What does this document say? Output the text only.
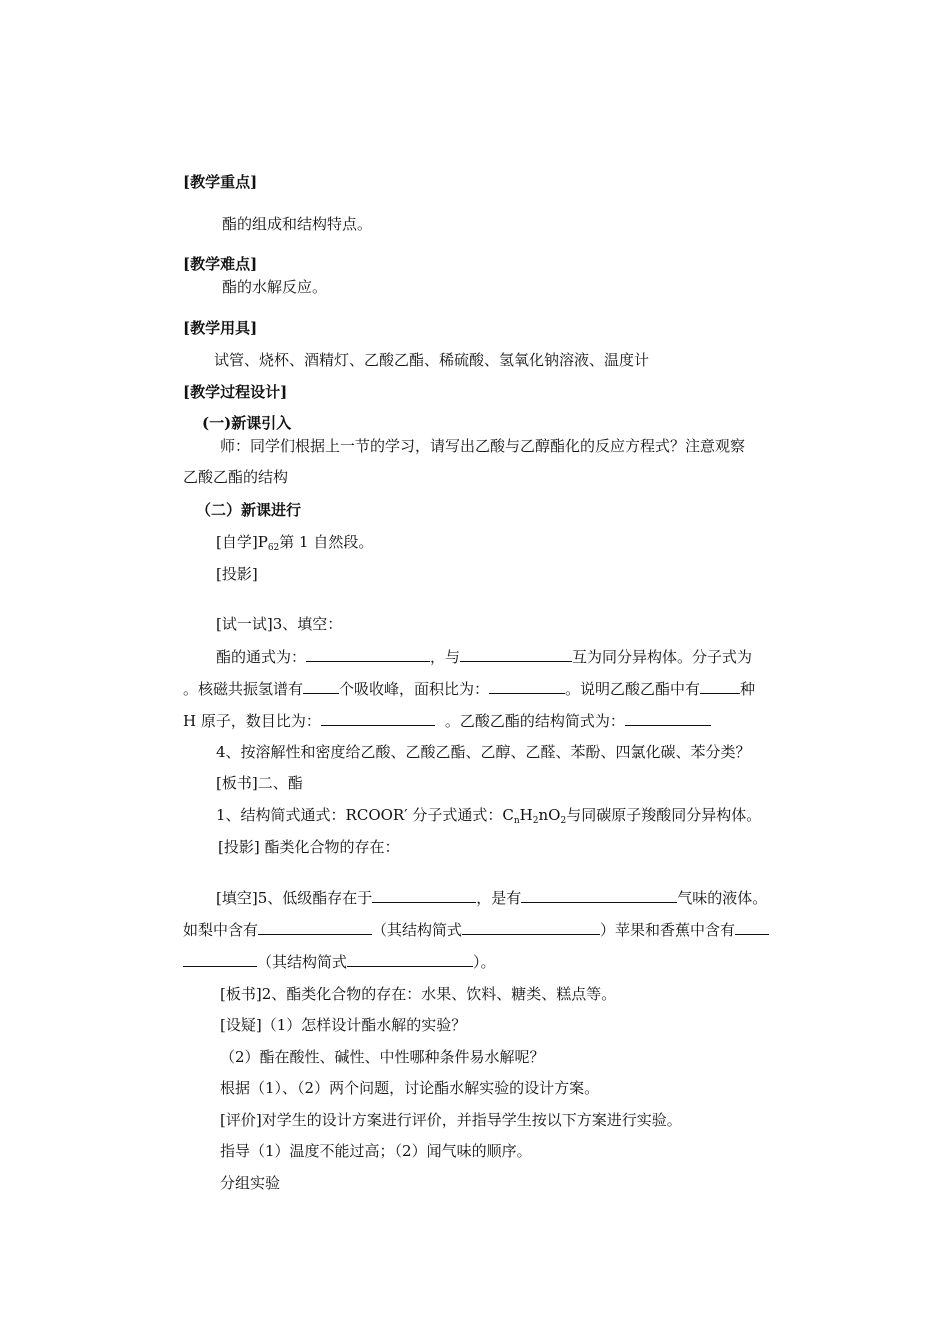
[教学重点]
酯的组成和结构特点。
[教学难点]
酯的水解反应。
[教学用具]
试管、烧杯、酒精灯、乙酸乙酯、稀硫酸、氢氧化钠溶液、温度计
[教学过程设计]
(一)新课引入
师：同学们根据上一节的学习，请写出乙酸与乙醇酯化的反应方程式？注意观察
乙酸乙酯的结构
（二）新课进行
[自学]$P_{62}$第 1 自然段。
[投影]
[试一试]3、填空：
酯的通式为：	，与	互为同分异构体。分子式为
。核磁共振氢谱有 个吸收峰，面积比为：	。说明乙酸乙酯中有	种
H 原子，数目比为：	。乙酸乙酯的结构简式为：
4、按溶解性和密度给乙酸、乙酸乙酯、乙醇、乙醛、苯酚、四氯化碳、苯分类？
[板书]二、酯
1、结构简式通式：RCOOR′ 分子式通式：$C_nH_2nO_2$与同碳原子羧酸同分异构体。
[投影] 酯类化合物的存在：
[填空]5、低级酯存在于	，是有	气味的液体。
如梨中含有	（其结构简式	）苹果和香蕉中含有
（其结构简式	）。
[板书]2、酯类化合物的存在：水果、饮料、糖类、糕点等。
[设疑]（1）怎样设计酯水解的实验？
（2）酯在酸性、碱性、中性哪种条件易水解呢？
根据（1）、（2）两个问题，讨论酯水解实验的设计方案。
[评价]对学生的设计方案进行评价，并指导学生按以下方案进行实验。
指导（1）温度不能过高；（2）闻气味的顺序。
分组实验
